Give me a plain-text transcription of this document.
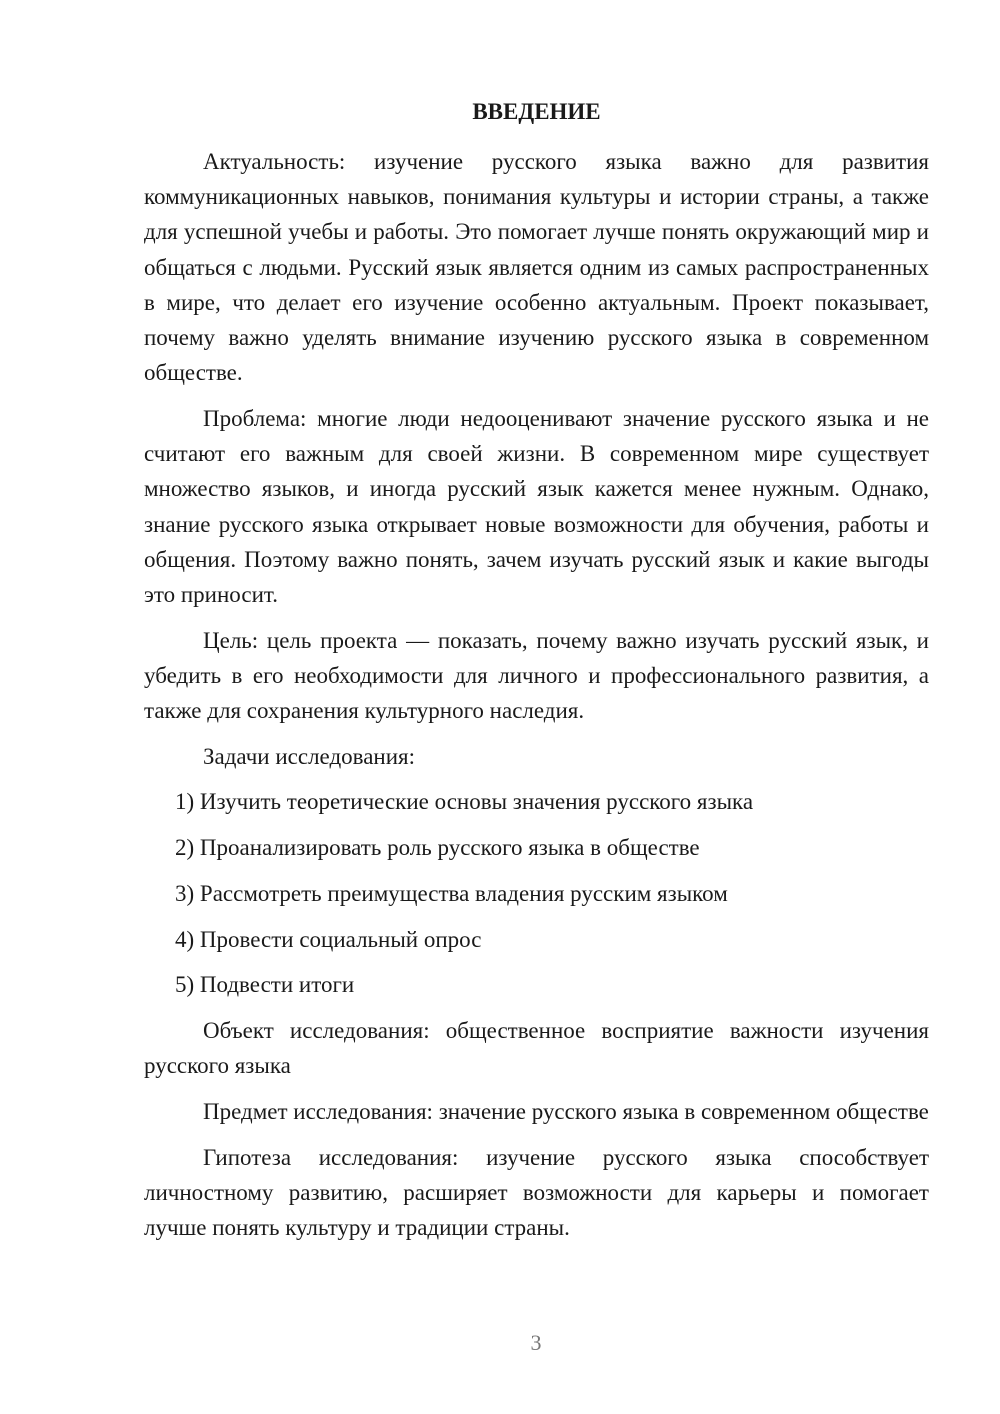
ВВЕДЕНИЕ

Актуальность: изучение русского языка важно для развития коммуникационных навыков, понимания культуры и истории страны, а также для успешной учебы и работы. Это помогает лучше понять окружающий мир и общаться с людьми. Русский язык является одним из самых распространенных в мире, что делает его изучение особенно актуальным. Проект показывает, почему важно уделять внимание изучению русского языка в современном обществе.

Проблема: многие люди недооценивают значение русского языка и не считают его важным для своей жизни. В современном мире существует множество языков, и иногда русский язык кажется менее нужным. Однако, знание русского языка открывает новые возможности для обучения, работы и общения. Поэтому важно понять, зачем изучать русский язык и какие выгоды это приносит.

Цель: цель проекта — показать, почему важно изучать русский язык, и убедить в его необходимости для личного и профессионального развития, а также для сохранения культурного наследия.

Задачи исследования:

1) Изучить теоретические основы значения русского языка
2) Проанализировать роль русского языка в обществе
3) Рассмотреть преимущества владения русским языком
4) Провести социальный опрос
5) Подвести итоги

Объект исследования: общественное восприятие важности изучения русского языка

Предмет исследования: значение русского языка в современном обществе

Гипотеза исследования: изучение русского языка способствует личностному развитию, расширяет возможности для карьеры и помогает лучше понять культуру и традиции страны.

3
